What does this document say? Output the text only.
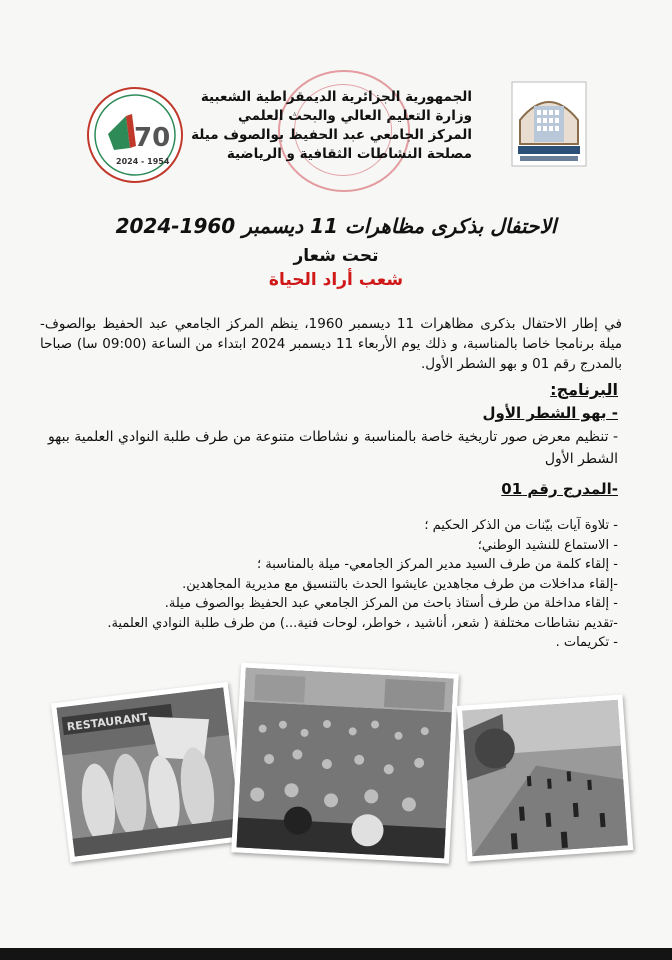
الجمهورية الجزائرية الديمقراطية الشعبية
وزارة التعليم العالي والبحث العلمي
المركز الجامعي عبد الحفيظ بوالصوف ميلة
مصلحة النشاطات الثقافية و الرياضية
70
2024 - 1954
الاحتفال بذكرى مظاهرات 11 ديسمبر 1960-2024
تحت شعار
شعب أراد الحياة
في إطار الاحتفال بذكرى مظاهرات 11 ديسمبر 1960، ينظم المركز الجامعي عبد الحفيظ بوالصوف- ميلة برنامجا خاصا بالمناسبة، و ذلك يوم الأربعاء 11 ديسمبر 2024 ابتداء من الساعة (09:00 سا) صباحا بالمدرج رقم 01 و بهو الشطر الأول.
البرنامج:
- بهو الشطر الأول
- تنظيم معرض صور تاريخية خاصة بالمناسبة و نشاطات متنوعة من طرف طلبة النوادي العلمية ببهو الشطر الأول
-المدرج رقم 01
- تلاوة آيات بيّنات من الذكر الحكيم ؛
- الاستماع للنشيد الوطني؛
- إلقاء كلمة من طرف السيد مدير المركز الجامعي- ميلة بالمناسبة ؛
-إلقاء مداخلات من طرف مجاهدين عايشوا الحدث بالتنسيق مع مديرية المجاهدين.
- إلقاء مداخلة من طرف أستاذ باحث من المركز الجامعي عبد الحفيظ بوالصوف ميلة.
-تقديم نشاطات مختلفة ( شعر، أناشيد ، خواطر، لوحات فنية...) من طرف طلبة النوادي العلمية.
- تكريمات .
RESTAURANT
